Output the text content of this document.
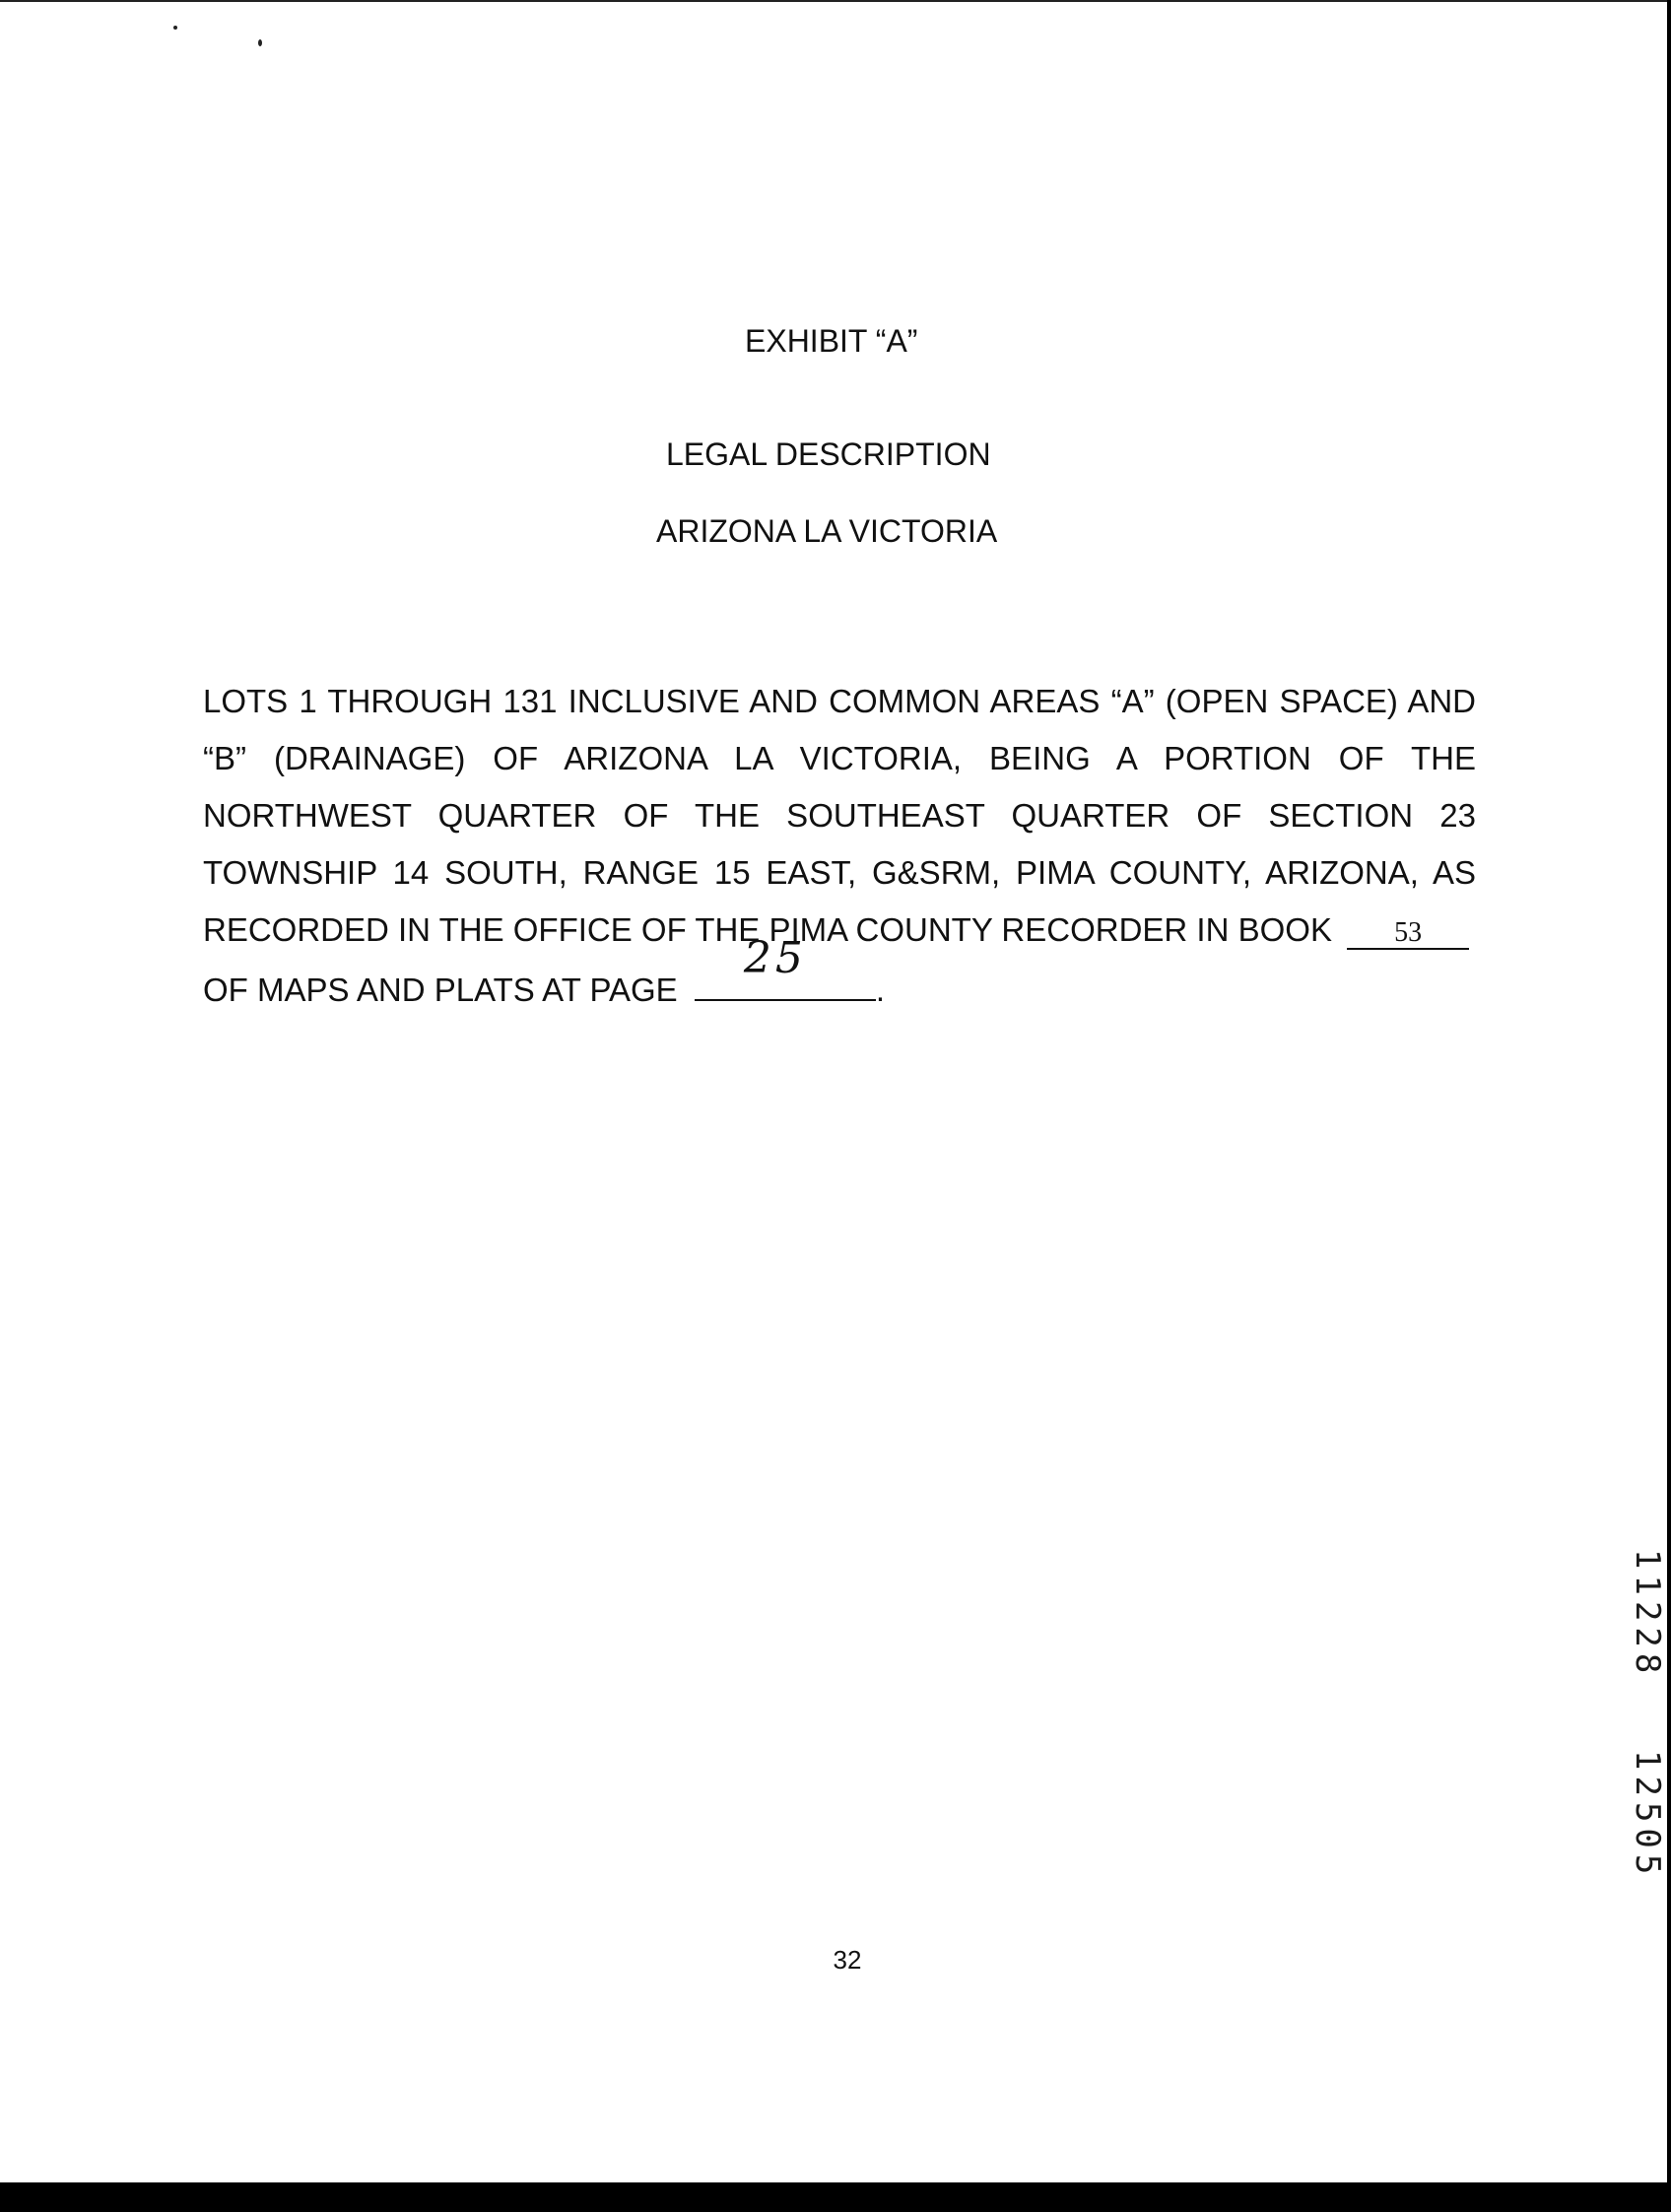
EXHIBIT “A”
LEGAL DESCRIPTION
ARIZONA LA VICTORIA
LOTS 1 THROUGH 131 INCLUSIVE AND COMMON AREAS “A” (OPEN SPACE) AND
“B” (DRAINAGE) OF ARIZONA LA VICTORIA, BEING A PORTION OF THE
NORTHWEST QUARTER OF THE SOUTHEAST QUARTER OF SECTION 23
TOWNSHIP 14 SOUTH, RANGE 15 EAST, G&SRM, PIMA COUNTY, ARIZONA, AS
RECORDED IN THE OFFICE OF THE PIMA COUNTY RECORDER IN BOOK 53
OF MAPS AND PLATS AT PAGE
25
.
32
11228
12505
